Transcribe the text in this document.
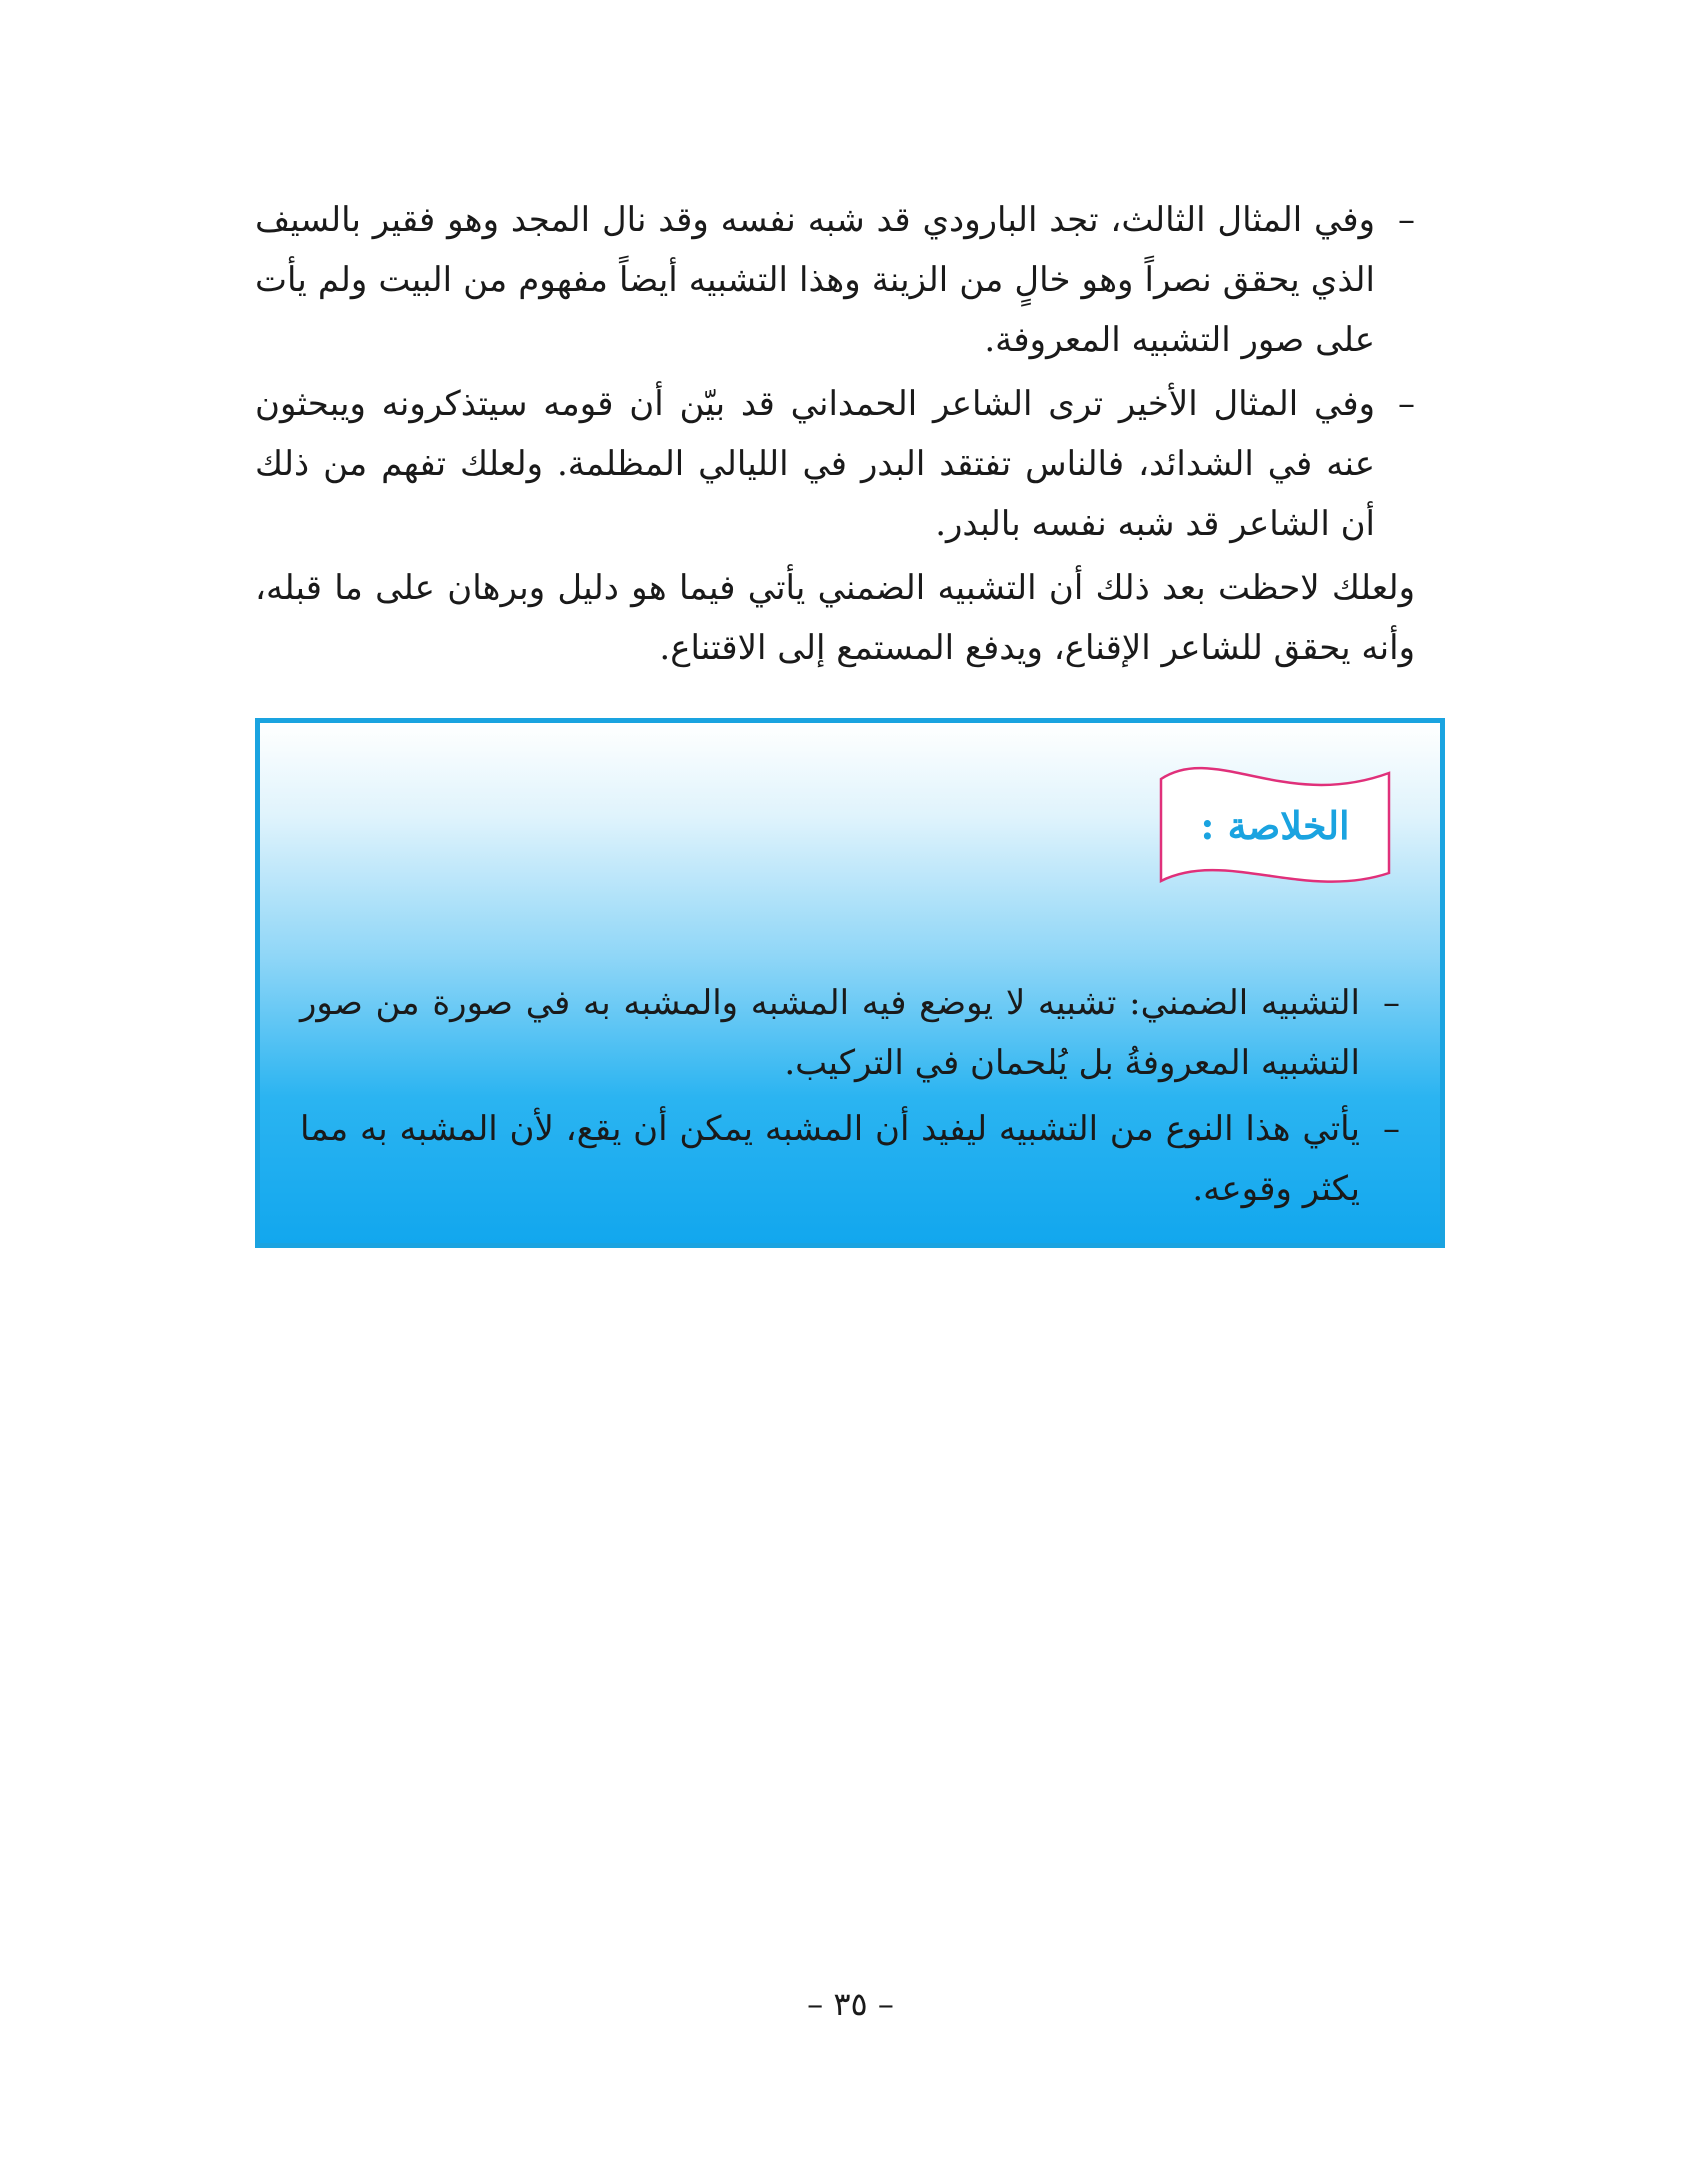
–
وفي المثال الثالث، تجد البارودي قد شبه نفسه وقد نال المجد وهو فقير بالسيف الذي يحقق نصراً وهو خالٍ من الزينة وهذا التشبيه أيضاً مفهوم من البيت ولم يأت على صور التشبيه المعروفة.
–
وفي المثال الأخير ترى الشاعر الحمداني قد بيّن أن قومه سيتذكرونه ويبحثون عنه في الشدائد، فالناس تفتقد البدر في الليالي المظلمة. ولعلك تفهم من ذلك أن الشاعر قد شبه نفسه بالبدر.

ولعلك لاحظت بعد ذلك أن التشبيه الضمني يأتي فيما هو دليل وبرهان على ما قبله، وأنه يحقق للشاعر الإقناع، ويدفع المستمع إلى الاقتناع.

الخلاصة :
–
التشبيه الضمني: تشبيه لا يوضع فيه المشبه والمشبه به في صورة من صور التشبيه المعروفةُ بل يُلحمان في التركيب.
–
يأتي هذا النوع من التشبيه ليفيد أن المشبه يمكن أن يقع، لأن المشبه به مما يكثر وقوعه.
– ٣٥ –
